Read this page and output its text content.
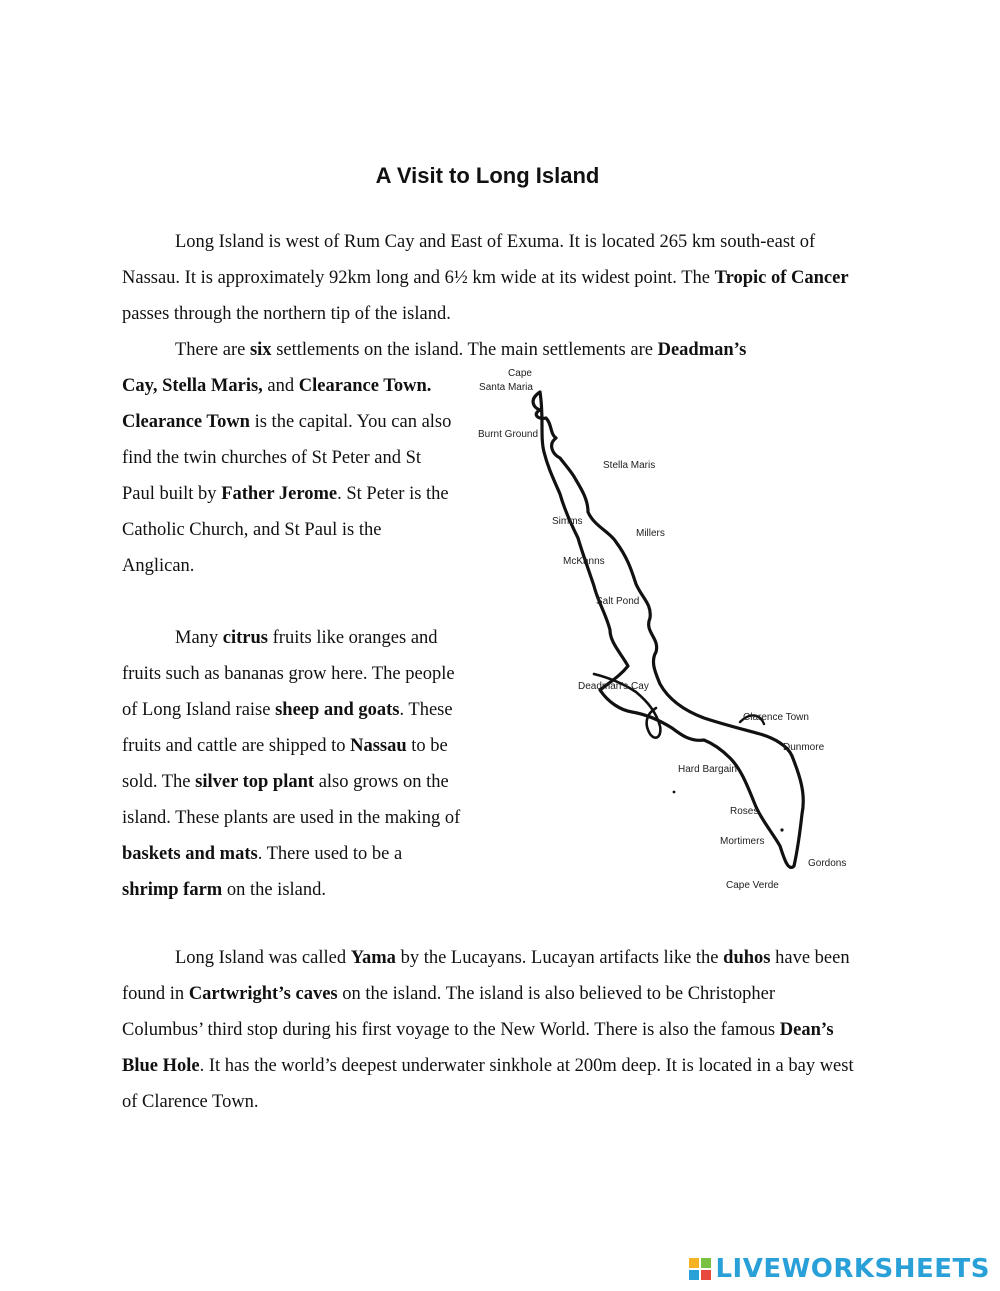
A Visit to Long Island

Long Island is west of Rum Cay and East of Exuma. It is located 265 km south-east of Nassau. It is approximately 92km long and 6½ km wide at its widest point. The Tropic of Cancer passes through the northern tip of the island.

There are six settlements on the island. The main settlements are Deadman’s

Cay, Stella Maris, and Clearance Town. Clearance Town is the capital. You can also find the twin churches of St Peter and St Paul built by Father Jerome. St Peter is the Catholic Church, and St Paul is the Anglican.

Many citrus fruits like oranges and fruits such as bananas grow here. The people of Long Island raise sheep and goats. These fruits and cattle are shipped to Nassau to be sold. The silver top plant also grows on the island. These plants are used in the making of baskets and mats. There used to be a shrimp farm on the island.

Long Island was called Yama by the Lucayans. Lucayan artifacts like the duhos have been found in Cartwright’s caves on the island. The island is also believed to be Christopher Columbus’ third stop during his first voyage to the New World. There is also the famous Dean’s Blue Hole. It has the world’s deepest underwater sinkhole at 200m deep. It is located in a bay west of Clarence Town.

Cape
Santa Maria
Burnt Ground
Stella Maris
Simms
Millers
McKanns
Salt Pond
Deadman's Cay
Clarence Town
Dunmore
Hard Bargain
Roses
Mortimers
Gordons
Cape Verde
LIVEWORKSHEETS
